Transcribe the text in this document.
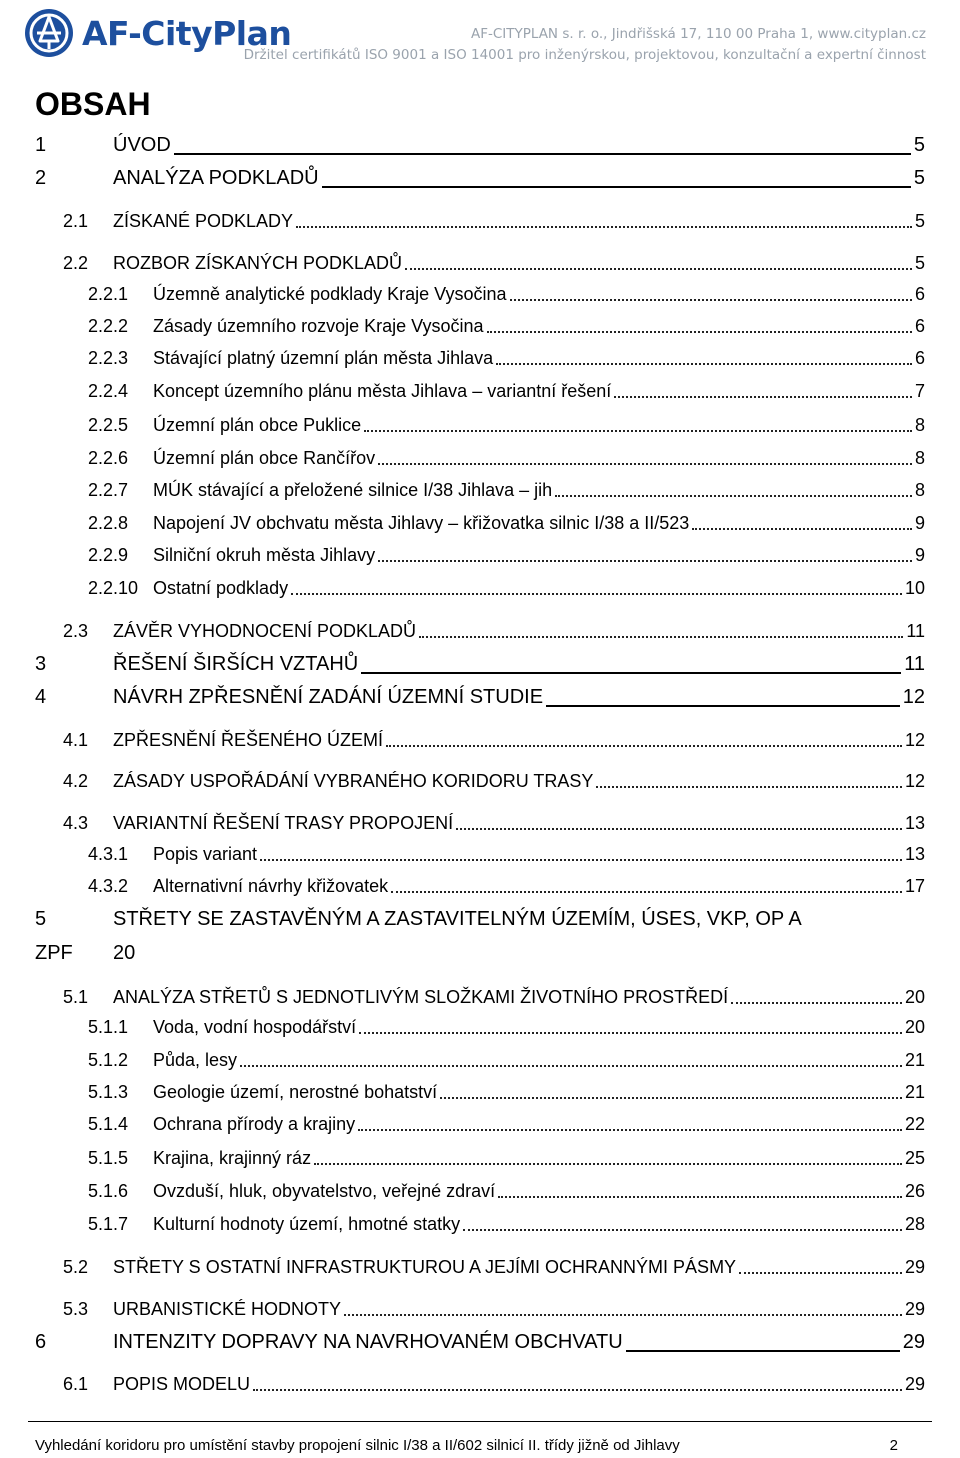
AF-CityPlan	AF-CITYPLAN s. r. o., Jindřišská 17, 110 00 Praha 1, www.cityplan.cz
Držitel certifikátů ISO 9001 a ISO 14001 pro inženýrskou, projektovou, konzultační a expertní činnost
OBSAH
1	ÚVOD	5
2	ANALÝZA PODKLADŮ	5
2.1 ZÍSKANÉ PODKLADY	5
2.2 ROZBOR ZÍSKANÝCH PODKLADŮ	5
2.2.1 Územně analytické podklady Kraje Vysočina	6
2.2.2 Zásady územního rozvoje Kraje Vysočina	6
2.2.3 Stávající platný územní plán města Jihlava	6
2.2.4 Koncept územního plánu města Jihlava – variantní řešení	7
2.2.5 Územní plán obce Puklice	8
2.2.6 Územní plán obce Rančířov	8
2.2.7 MÚK stávající a přeložené silnice I/38 Jihlava – jih	8
2.2.8 Napojení JV obchvatu města Jihlavy – křižovatka silnic I/38 a II/523	9
2.2.9 Silniční okruh města Jihlavy	9
2.2.10 Ostatní podklady	10
2.3 ZÁVĚR VYHODNOCENÍ PODKLADŮ	11
3	ŘEŠENÍ ŠIRŠÍCH VZTAHŮ	11
4	NÁVRH ZPŘESNĚNÍ ZADÁNÍ ÚZEMNÍ STUDIE	12
4.1 ZPŘESNĚNÍ ŘEŠENÉHO ÚZEMÍ	12
4.2 ZÁSADY USPOŘÁDÁNÍ VYBRANÉHO KORIDORU TRASY	12
4.3 VARIANTNÍ ŘEŠENÍ TRASY PROPOJENÍ	13
4.3.1 Popis variant	13
4.3.2 Alternativní návrhy křižovatek	17
5	STŘETY SE ZASTAVĚNÝM A ZASTAVITELNÝM ÚZEMÍM, ÚSES, VKP, OP A
ZPF 20
5.1 ANALÝZA STŘETŮ S JEDNOTLIVÝM SLOŽKAMI ŽIVOTNÍHO PROSTŘEDÍ	20
5.1.1 Voda, vodní hospodářství	20
5.1.2 Půda, lesy	21
5.1.3 Geologie území, nerostné bohatství	21
5.1.4 Ochrana přírody a krajiny	22
5.1.5 Krajina, krajinný ráz	25
5.1.6 Ovzduší, hluk, obyvatelstvo, veřejné zdraví	26
5.1.7 Kulturní hodnoty území, hmotné statky	28
5.2 STŘETY S OSTATNÍ INFRASTRUKTUROU A JEJÍMI OCHRANNÝMI PÁSMY	29
5.3 URBANISTICKÉ HODNOTY	29
6	INTENZITY DOPRAVY NA NAVRHOVANÉM OBCHVATU	29
6.1 POPIS MODELU	29
Vyhledání koridoru pro umístění stavby propojení silnic I/38 a II/602 silnicí II. třídy jižně od Jihlavy	2
